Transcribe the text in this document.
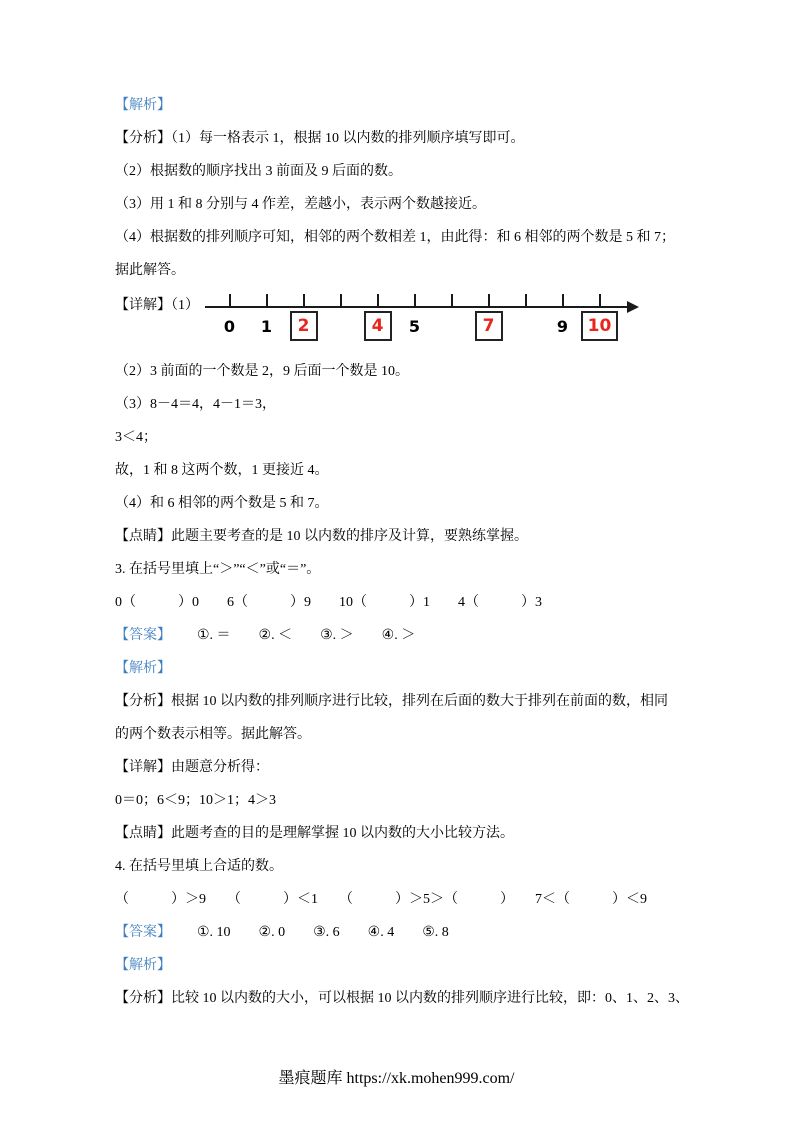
【解析】

【分析】（1）每一格表示 1，根据 10 以内数的排列顺序填写即可。

（2）根据数的顺序找出 3 前面及 9 后面的数。

（3）用 1 和 8 分别与 4 作差，差越小，表示两个数越接近。

（4）根据数的排列顺序可知，相邻的两个数相差 1，由此得：和 6 相邻的两个数是 5 和 7；

据此解答。

【详解】（1）
0 1	2	4	5	7	9	10

（2）3 前面的一个数是 2，9 后面一个数是 10。

（3）8－4＝4，4－1＝3，

3＜4；

故，1 和 8 这两个数，1 更接近 4。

（4）和 6 相邻的两个数是 5 和 7。

【点睛】此题主要考查的是 10 以内数的排序及计算，要熟练掌握。

3. 在括号里填上“＞”“＜”或“＝”。

0（　　　）0　　6（　　　）9　　10（　　　）1　　4（　　　）3

【答案】 ①. ＝　　②. ＜　　③. ＞　　④. ＞

【解析】

【分析】根据 10 以内数的排列顺序进行比较，排列在后面的数大于排列在前面的数，相同

的两个数表示相等。据此解答。

【详解】由题意分析得：

0＝0；6＜9；10＞1；4＞3

【点睛】此题考查的目的是理解掌握 10 以内数的大小比较方法。

4. 在括号里填上合适的数。

（　　　）＞9　　（　　　）＜1　　（　　　）＞5＞（　　　）　　7＜（　　　）＜9

【答案】 ①. 10　　②. 0　　③. 6　　④. 4　　⑤. 8

【解析】

【分析】比较 10 以内数的大小，可以根据 10 以内数的排列顺序进行比较，即：0、1、2、3、

墨痕题库 https://xk.mohen999.com/
